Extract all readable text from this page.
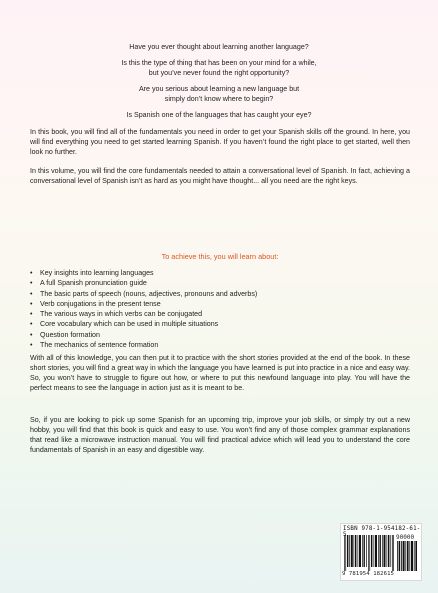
Have you ever thought about learning another language?

Is this the type of thing that has been on your mind for a while,

but you’ve never found the right opportunity?

Are you serious about learning a new language but

simply don’t know where to begin?

Is Spanish one of the languages that has caught your eye?

In this book, you will find all of the fundamentals you need in order to get your Spanish skills off the ground. In here, you will find everything you need to get started learning Spanish. If you haven’t found the right place to get started, well then look no further.

In this volume, you will find the core fundamentals needed to attain a conversational level of Spanish. In fact, achieving a conversational level of Spanish isn’t as hard as you might have thought... all you need are the right keys.

To achieve this, you will learn about:

• Key insights into learning languages
• A full Spanish pronunciation guide
• The basic parts of speech (nouns, adjectives, pronouns and adverbs)
• Verb conjugations in the present tense
• The various ways in which verbs can be conjugated
• Core vocabulary which can be used in multiple situations
• Question formation
• The mechanics of sentence formation

With all of this knowledge, you can then put it to practice with the short stories provided at the end of the book. In these short stories, you will find a great way in which the language you have learned is put into practice in a nice and easy way. So, you won’t have to struggle to figure out how, or where to put this newfound language into play. You will have the perfect means to see the language in action just as it is meant to be.

So, if you are looking to pick up some Spanish for an upcoming trip, improve your job skills, or simply try out a new hobby, you will find that this book is quick and easy to use. You won’t find any of those complex grammar explanations that read like a microwave instruction manual. You will find practical advice which will lead you to understand the core fundamentals of Spanish in an easy and digestible way.

ISBN 978-1-954182-61-5	90000
9 781954 182615
